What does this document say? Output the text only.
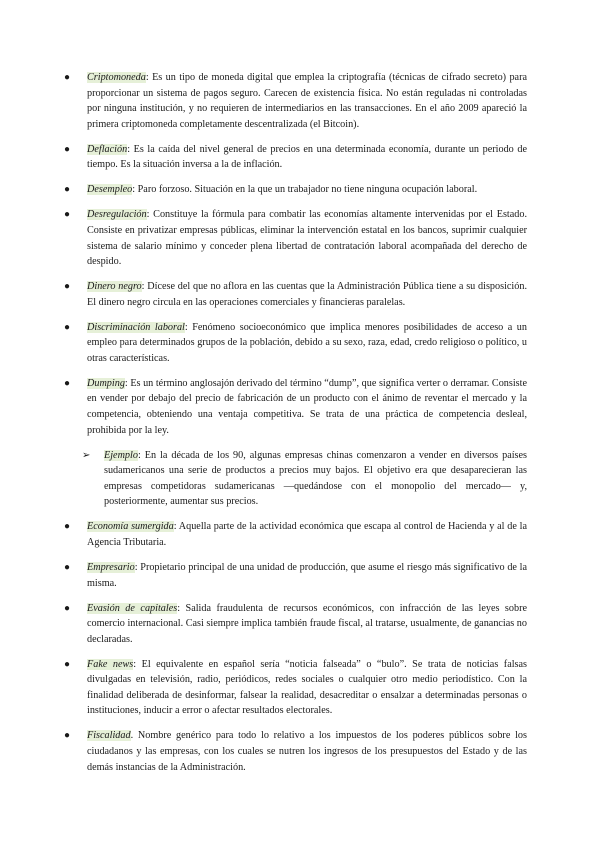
● Criptomoneda: Es un tipo de moneda digital que emplea la criptografía (técnicas de cifrado secreto) para proporcionar un sistema de pagos seguro. Carecen de existencia física. No están reguladas ni controladas por ninguna institución, y no requieren de intermediarios en las transacciones. En el año 2009 apareció la primera criptomoneda completamente descentralizada (el Bitcoin).
● Deflación: Es la caída del nivel general de precios en una determinada economía, durante un periodo de tiempo. Es la situación inversa a la de inflación.
● Desempleo: Paro forzoso. Situación en la que un trabajador no tiene ninguna ocupación laboral.
● Desregulación: Constituye la fórmula para combatir las economías altamente intervenidas por el Estado. Consiste en privatizar empresas públicas, eliminar la intervención estatal en los bancos, suprimir cualquier sistema de salario mínimo y conceder plena libertad de contratación laboral acompañada del derecho de despido.
● Dinero negro: Dícese del que no aflora en las cuentas que la Administración Pública tiene a su disposición. El dinero negro circula en las operaciones comerciales y financieras paralelas.
● Discriminación laboral: Fenómeno socioeconómico que implica menores posibilidades de acceso a un empleo para determinados grupos de la población, debido a su sexo, raza, edad, credo religioso o político, u otras características.
● Dumping: Es un término anglosajón derivado del término “dump”, que significa verter o derramar. Consiste en vender por debajo del precio de fabricación de un producto con el ánimo de reventar el mercado y la competencia, obteniendo una ventaja competitiva. Se trata de una práctica de competencia desleal, prohibida por la ley.
➢ Ejemplo: En la década de los 90, algunas empresas chinas comenzaron a vender en diversos países sudamericanos una serie de productos a precios muy bajos. El objetivo era que desaparecieran las empresas competidoras sudamericanas —quedándose con el monopolio del mercado— y, posteriormente, aumentar sus precios.
● Economía sumergida: Aquella parte de la actividad económica que escapa al control de Hacienda y al de la Agencia Tributaria.
● Empresario: Propietario principal de una unidad de producción, que asume el riesgo más significativo de la misma.
● Evasión de capitales: Salida fraudulenta de recursos económicos, con infracción de las leyes sobre comercio internacional. Casi siempre implica también fraude fiscal, al tratarse, usualmente, de ganancias no declaradas.
● Fake news: El equivalente en español sería “noticia falseada” o “bulo”. Se trata de noticias falsas divulgadas en televisión, radio, periódicos, redes sociales o cualquier otro medio periodístico. Con la finalidad deliberada de desinformar, falsear la realidad, desacreditar o ensalzar a determinadas personas o instituciones, inducir a error o afectar resultados electorales.
● Fiscalidad. Nombre genérico para todo lo relativo a los impuestos de los poderes públicos sobre los ciudadanos y las empresas, con los cuales se nutren los ingresos de los presupuestos del Estado y de las demás instancias de la Administración.
